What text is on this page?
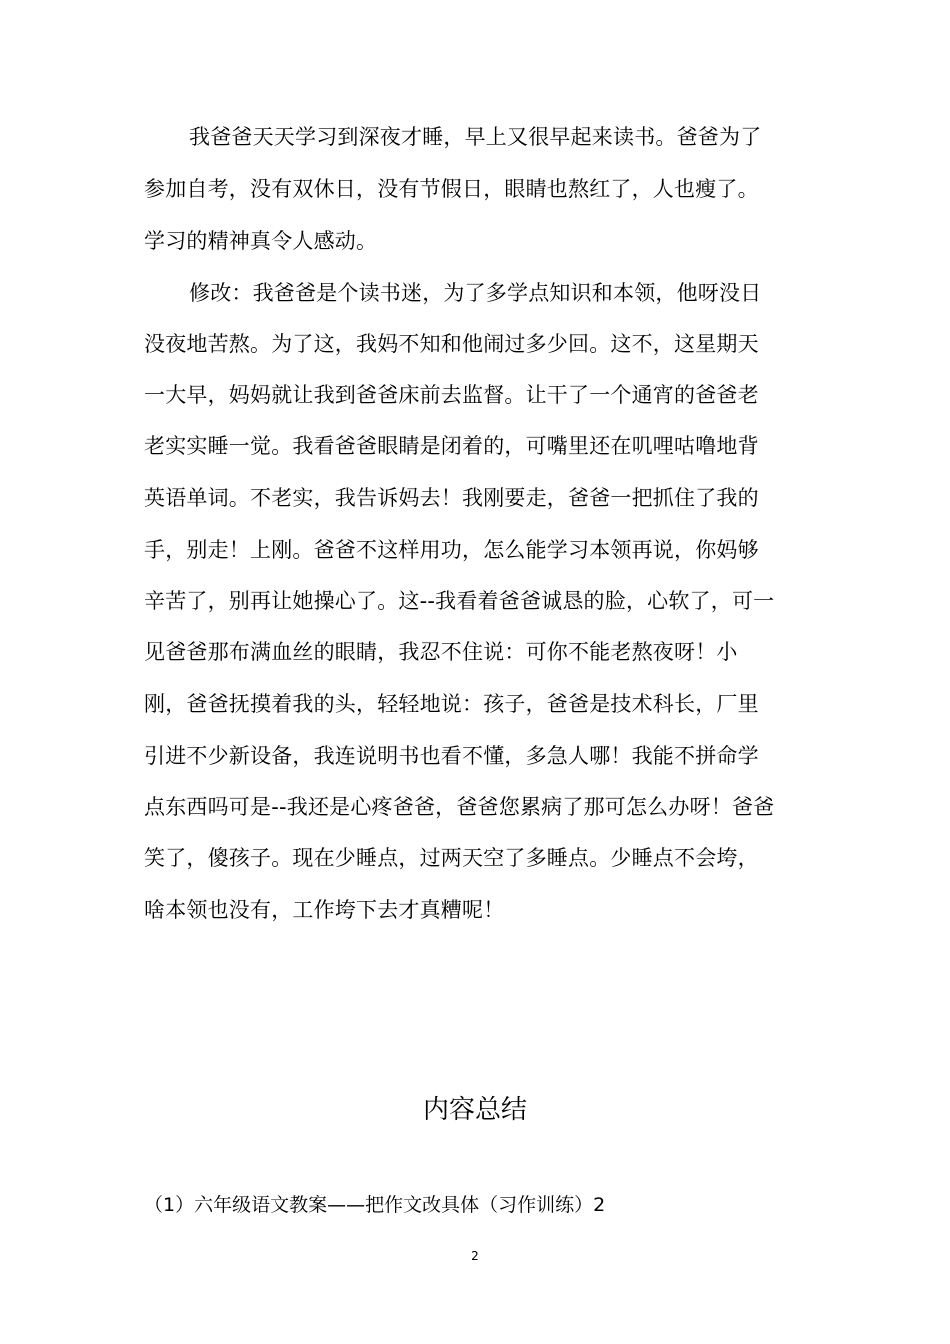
我爸爸天天学习到深夜才睡，早上又很早起来读书。爸爸为了
参加自考，没有双休日，没有节假日，眼睛也熬红了，人也瘦了。
学习的精神真令人感动。
修改：我爸爸是个读书迷，为了多学点知识和本领，他呀没日
没夜地苦熬。为了这，我妈不知和他闹过多少回。这不，这星期天
一大早，妈妈就让我到爸爸床前去监督。让干了一个通宵的爸爸老
老实实睡一觉。我看爸爸眼睛是闭着的，可嘴里还在叽哩咕噜地背
英语单词。不老实，我告诉妈去！我刚要走，爸爸一把抓住了我的
手，别走！上刚。爸爸不这样用功，怎么能学习本领再说，你妈够
辛苦了，别再让她操心了。这--我看着爸爸诚恳的脸，心软了，可一
见爸爸那布满血丝的眼睛，我忍不住说：可你不能老熬夜呀！小
刚，爸爸抚摸着我的头，轻轻地说：孩子，爸爸是技术科长，厂里
引进不少新设备，我连说明书也看不懂，多急人哪！我能不拼命学
点东西吗可是--我还是心疼爸爸，爸爸您累病了那可怎么办呀！爸爸
笑了，傻孩子。现在少睡点，过两天空了多睡点。少睡点不会垮，
啥本领也没有，工作垮下去才真糟呢！
内容总结
（1）六年级语文教案——把作文改具体（习作训练）2
2
